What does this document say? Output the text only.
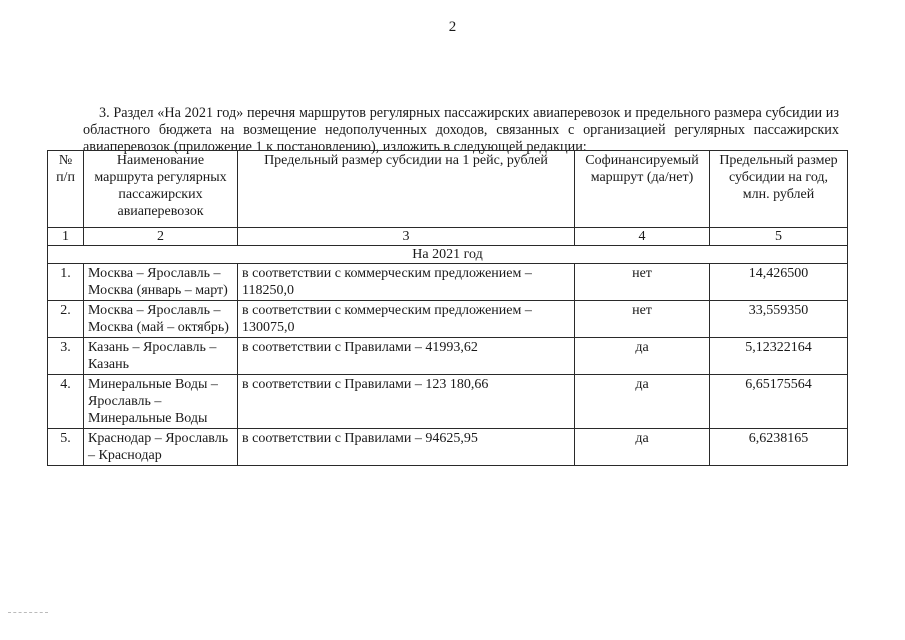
2

3. Раздел «На 2021 год» перечня маршрутов регулярных пассажирских авиаперевозок и предельного размера субсидии из областного бюджета на возмещение недополученных доходов, связанных с организацией регулярных пассажирских авиаперевозок (приложение 1 к постановлению), изложить в следующей редакции:

№ п/п	Наименование маршрута регулярных пассажирских авиаперевозок	Предельный размер субсидии на 1 рейс, рублей	Софинансируемый маршрут (да/нет)	Предельный размер субсидии на год, млн. рублей
1	2	3	4	5
На 2021 год				
1.	Москва – Ярославль – Москва (январь – март)	в соответствии с коммерческим предложением – 118250,0	нет	14,426500
2.	Москва – Ярославль – Москва (май – октябрь)	в соответствии с коммерческим предложением – 130075,0	нет	33,559350
3.	Казань – Ярославль – Казань	в соответствии с Правилами – 41993,62	да	5,12322164
4.	Минеральные Воды – Ярославль – Минеральные Воды	в соответствии с Правилами – 123 180,66	да	6,65175564
5.	Краснодар – Ярославль – Краснодар	в соответствии с Правилами – 94625,95	да	6,6238165
